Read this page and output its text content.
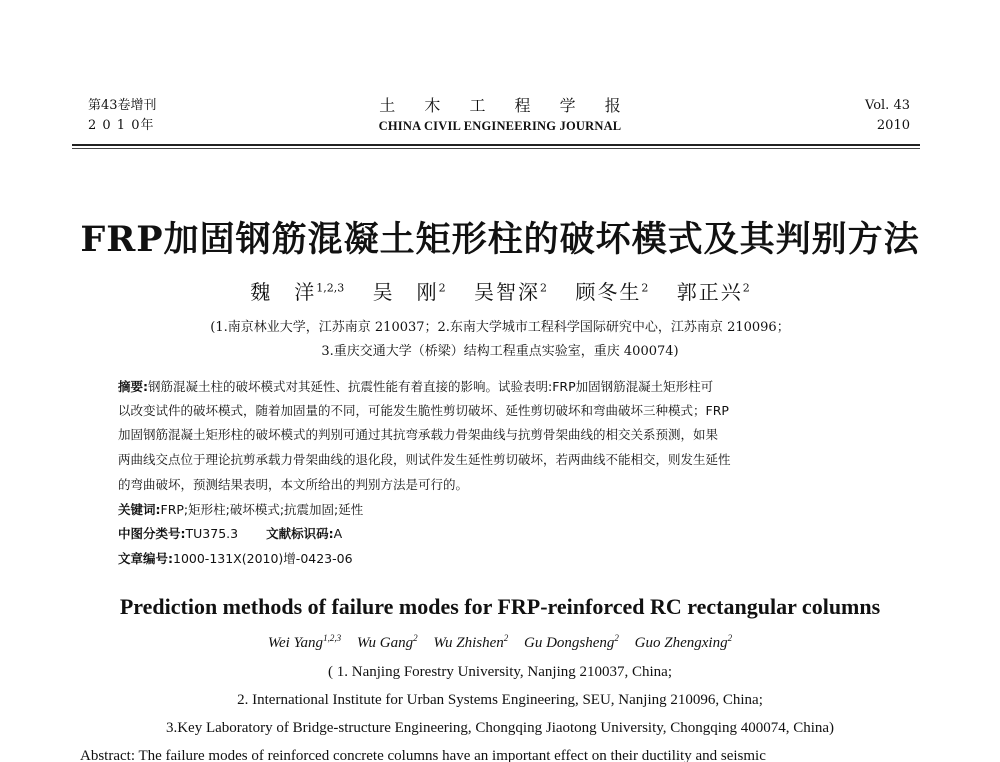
第43卷增刊
2 0 1 0年
土 木 工 程 学 报
CHINA CIVIL ENGINEERING JOURNAL
Vol. 43
2010
FRP加固钢筋混凝土矩形柱的破坏模式及其判别方法
魏　洋$^{1,2,3}$ 吴　刚$^2$ 吴智深$^2$ 顾冬生$^2$ 郭正兴$^2$
(1.南京林业大学，江苏南京 210037；2.东南大学城市工程科学国际研究中心，江苏南京 210096；
3.重庆交通大学（桥梁）结构工程重点实验室，重庆 400074)
摘要:钢筋混凝土柱的破坏模式对其延性、抗震性能有着直接的影响。试验表明:FRP加固钢筋混凝土矩形柱可
以改变试件的破坏模式，随着加固量的不同，可能发生脆性剪切破坏、延性剪切破坏和弯曲破坏三种模式；FRP
加固钢筋混凝土矩形柱的破坏模式的判别可通过其抗弯承载力骨架曲线与抗剪骨架曲线的相交关系预测，如果
两曲线交点位于理论抗剪承载力骨架曲线的退化段，则试件发生延性剪切破坏，若两曲线不能相交，则发生延性
的弯曲破坏，预测结果表明，本文所给出的判别方法是可行的。
关键词:FRP;矩形柱;破坏模式;抗震加固;延性
中图分类号:TU375.3 文献标识码:A
文章编号:1000-131X(2010)增-0423-06
Prediction methods of failure modes for FRP-reinforced RC rectangular columns
Wei Yang$^{1,2,3}$ Wu Gang$^2$ Wu Zhishen$^2$ Gu Dongsheng$^2$ Guo Zhengxing$^2$
( 1. Nanjing Forestry University, Nanjing 210037, China;
2. International Institute for Urban Systems Engineering, SEU, Nanjing 210096, China;
3.Key Laboratory of Bridge-structure Engineering, Chongqing Jiaotong University, Chongqing 400074, China)
Abstract: The failure modes of reinforced concrete columns have an important effect on their ductility and seismic
